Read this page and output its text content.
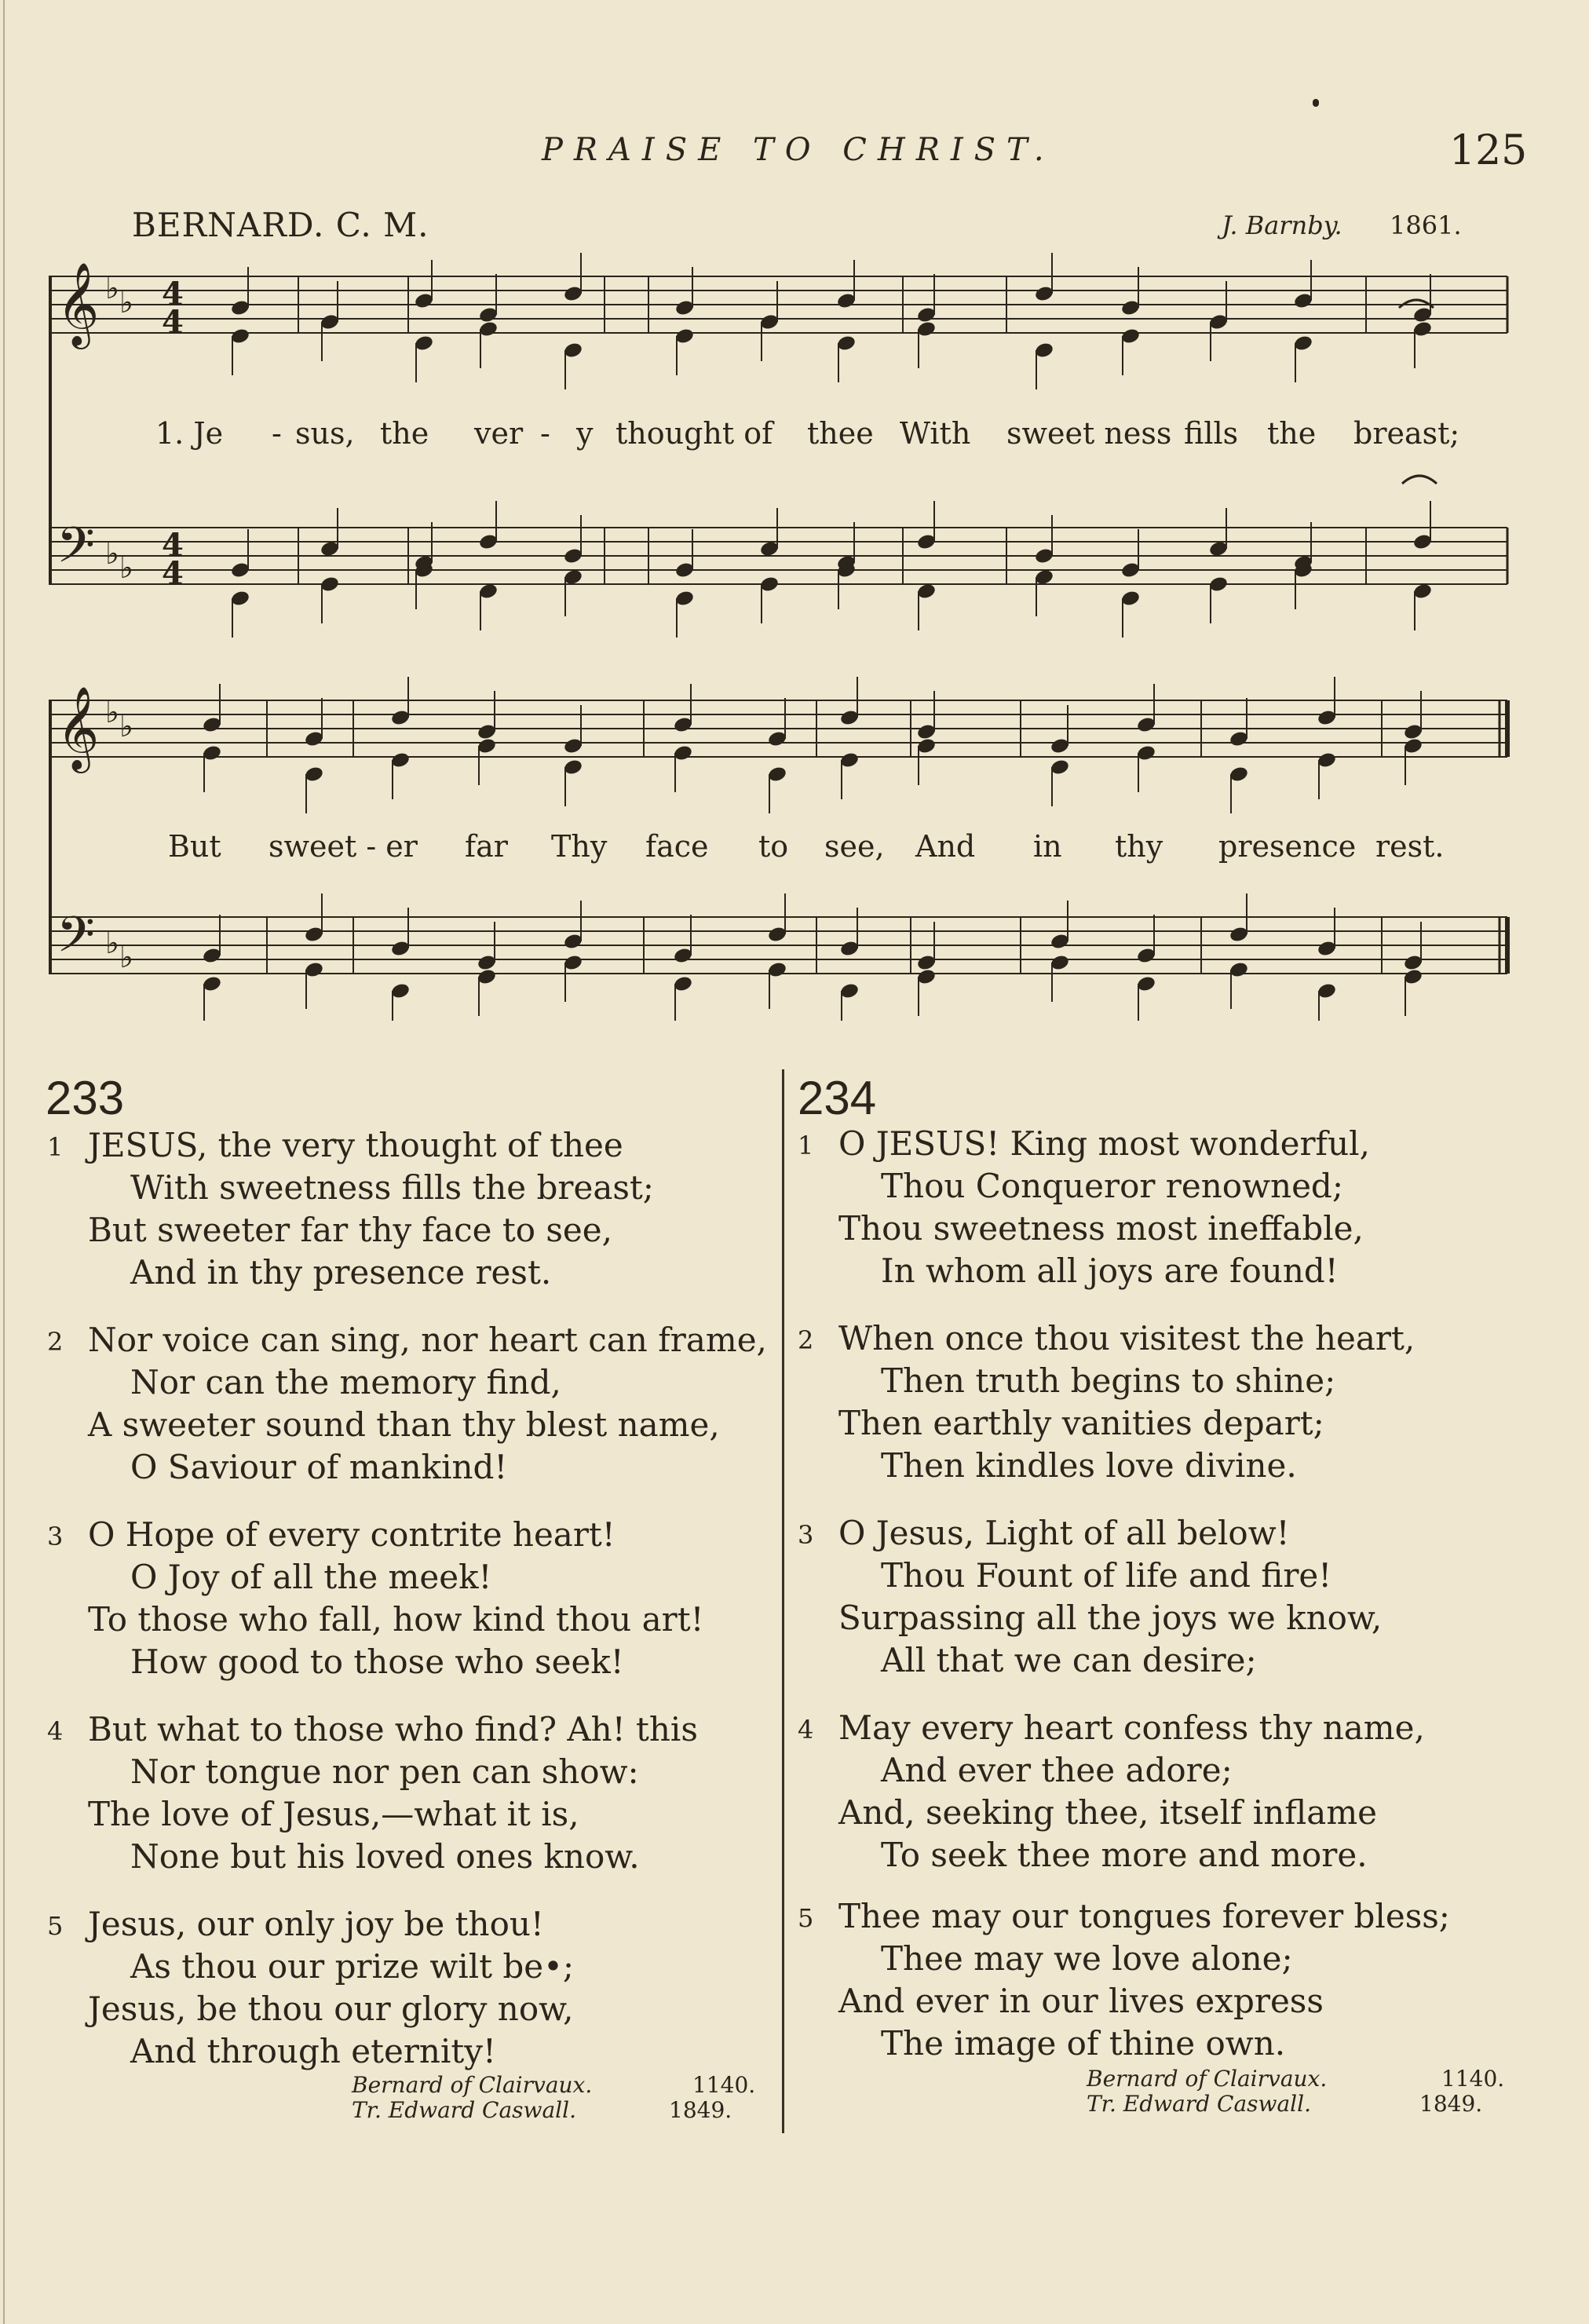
PRAISE TO CHRIST.	125
BERNARD. C. M.	J. Barnby. 1861.
𝄞
𝄢
♭
♭
♭
♭
4
4
4
4
𝄞
𝄢
♭
♭
♭
♭
1. Je - sus, the ver - y thought of thee With sweet ness fills the breast;
But sweet - er far Thy face to see, And in thy presence rest.
233
1 JESUS, the very thought of thee
With sweetness fills the breast;
But sweeter far thy face to see,
And in thy presence rest.
2 Nor voice can sing, nor heart can frame,
Nor can the memory find,
A sweeter sound than thy blest name,
O Saviour of mankind!
3 O Hope of every contrite heart!
O Joy of all the meek!
To those who fall, how kind thou art!
How good to those who seek!
4 But what to those who find? Ah! this
Nor tongue nor pen can show:
The love of Jesus,—what it is,
None but his loved ones know.
5 Jesus, our only joy be thou!
As thou our prize wilt be•;
Jesus, be thou our glory now,
And through eternity!
Bernard of Clairvaux.	1140.

Tr. Edward Caswall.	1849.
234
1 O JESUS! King most wonderful,
Thou Conqueror renowned;
Thou sweetness most ineffable,
In whom all joys are found!
2 When once thou visitest the heart,
Then truth begins to shine;
Then earthly vanities depart;
Then kindles love divine.
3 O Jesus, Light of all below!
Thou Fount of life and fire!
Surpassing all the joys we know,
All that we can desire;
4 May every heart confess thy name,
And ever thee adore;
And, seeking thee, itself inflame
To seek thee more and more.
5 Thee may our tongues forever bless;
Thee may we love alone;
And ever in our lives express
The image of thine own.
Bernard of Clairvaux.	1140.

Tr. Edward Caswall.	1849.
